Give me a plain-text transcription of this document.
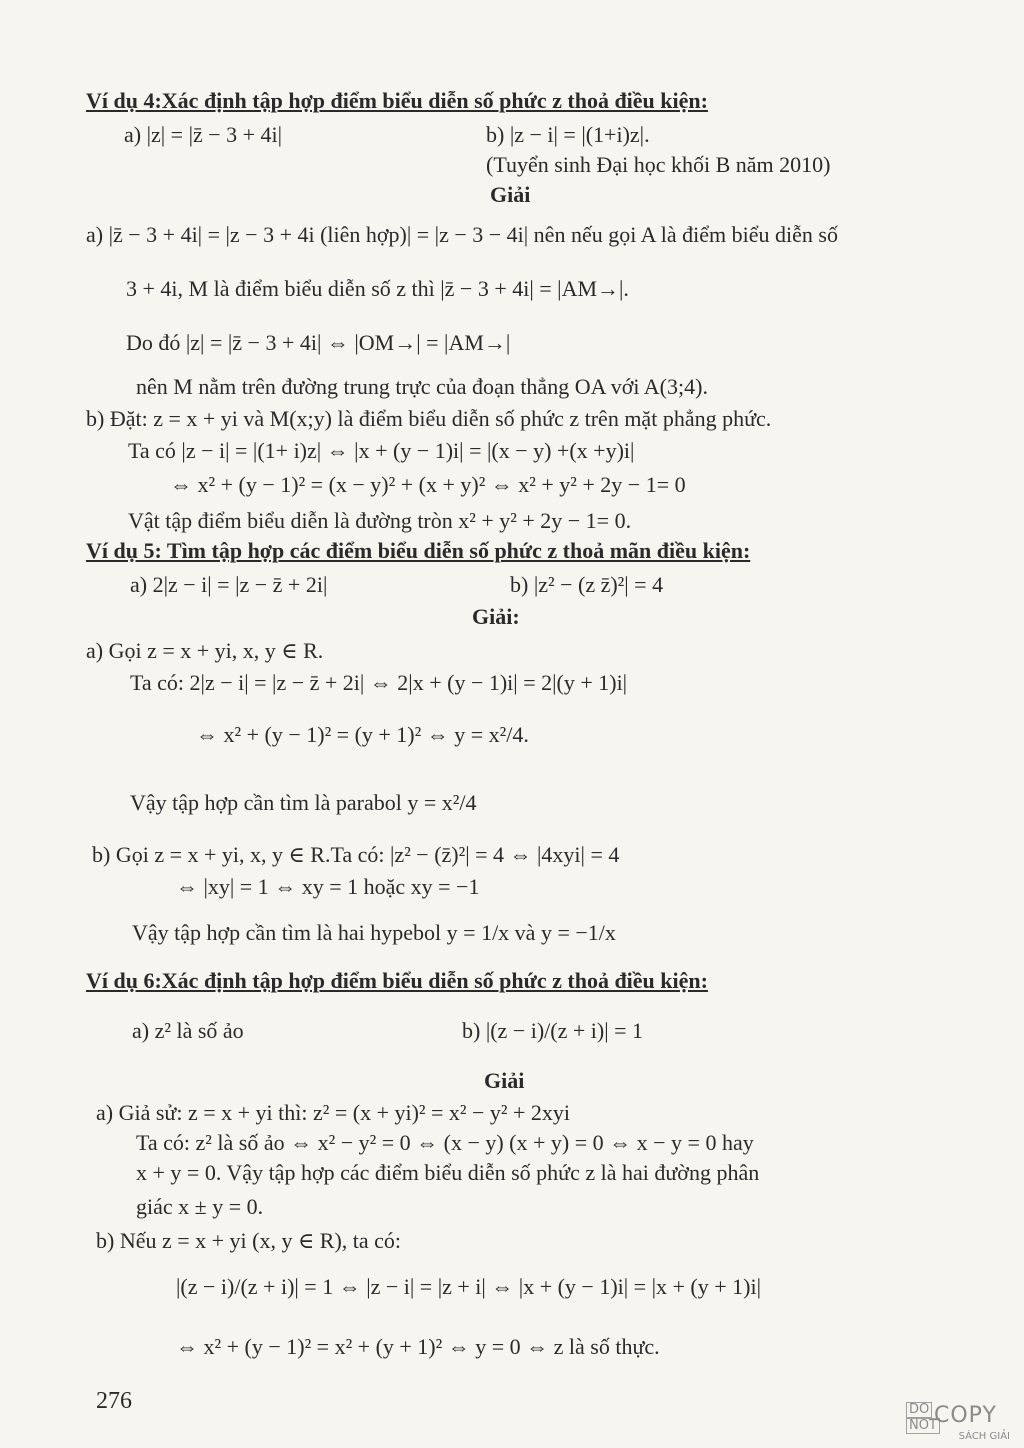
Ví dụ 4:Xác định tập hợp điểm biểu diễn số phức z thoả điều kiện:
a) |z| = |z̄ − 3 + 4i|	b) |z − i| = |(1+i)z|.
(Tuyển sinh Đại học khối B năm 2010)
Giải
a) |z̄ − 3 + 4i| = |z − 3 + 4i (liên hợp)| = |z − 3 − 4i| nên nếu gọi A là điểm biểu diễn số
3 + 4i, M là điểm biểu diễn số z thì |z̄ − 3 + 4i| = |AM→|.
Do đó |z| = |z̄ − 3 + 4i| ⇔ |OM→| = |AM→|
nên M nằm trên đường trung trực của đoạn thẳng OA với A(3;4).
b) Đặt: z = x + yi và M(x;y) là điểm biểu diễn số phức z trên mặt phẳng phức.
Ta có |z − i| = |(1+ i)z| ⇔ |x + (y − 1)i| = |(x − y) +(x +y)i|
⇔ x² + (y − 1)² = (x − y)² + (x + y)² ⇔ x² + y² + 2y − 1= 0
Vật tập điểm biểu diễn là đường tròn x² + y² + 2y − 1= 0.
Ví dụ 5: Tìm tập hợp các điểm biểu diễn số phức z thoả mãn điều kiện:
a) 2|z − i| = |z − z̄ + 2i|	b) |z² − (z z̄)²| = 4
Giải:
a) Gọi z = x + yi, x, y ∈ R.
Ta có: 2|z − i| = |z − z̄ + 2i| ⇔ 2|x + (y − 1)i| = 2|(y + 1)i|
⇔ x² + (y − 1)² = (y + 1)² ⇔ y = x²/4.
Vậy tập hợp cần tìm là parabol y = x²/4
b) Gọi z = x + yi, x, y ∈ R.Ta có: |z² − (z̄)²| = 4 ⇔ |4xyi| = 4
⇔ |xy| = 1 ⇔ xy = 1 hoặc xy = −1
Vậy tập hợp cần tìm là hai hypebol y = 1/x và y = −1/x
Ví dụ 6:Xác định tập hợp điểm biểu diễn số phức z thoả điều kiện:
a) z² là số ảo	b) |(z − i)/(z + i)| = 1
Giải
a) Giả sử: z = x + yi thì: z² = (x + yi)² = x² − y² + 2xyi
Ta có: z² là số ảo ⇔ x² − y² = 0 ⇔ (x − y) (x + y) = 0 ⇔ x − y = 0 hay
x + y = 0. Vậy tập hợp các điểm biểu diễn số phức z là hai đường phân
giác x ± y = 0.
b) Nếu z = x + yi (x, y ∈ R), ta có:
|(z − i)/(z + i)| = 1 ⇔ |z − i| = |z + i| ⇔ |x + (y − 1)i| = |x + (y + 1)i|
⇔ x² + (y − 1)² = x² + (y + 1)² ⇔ y = 0 ⇔ z là số thực.
276	DO
NOT
COPY
SÁCH GIẢI
